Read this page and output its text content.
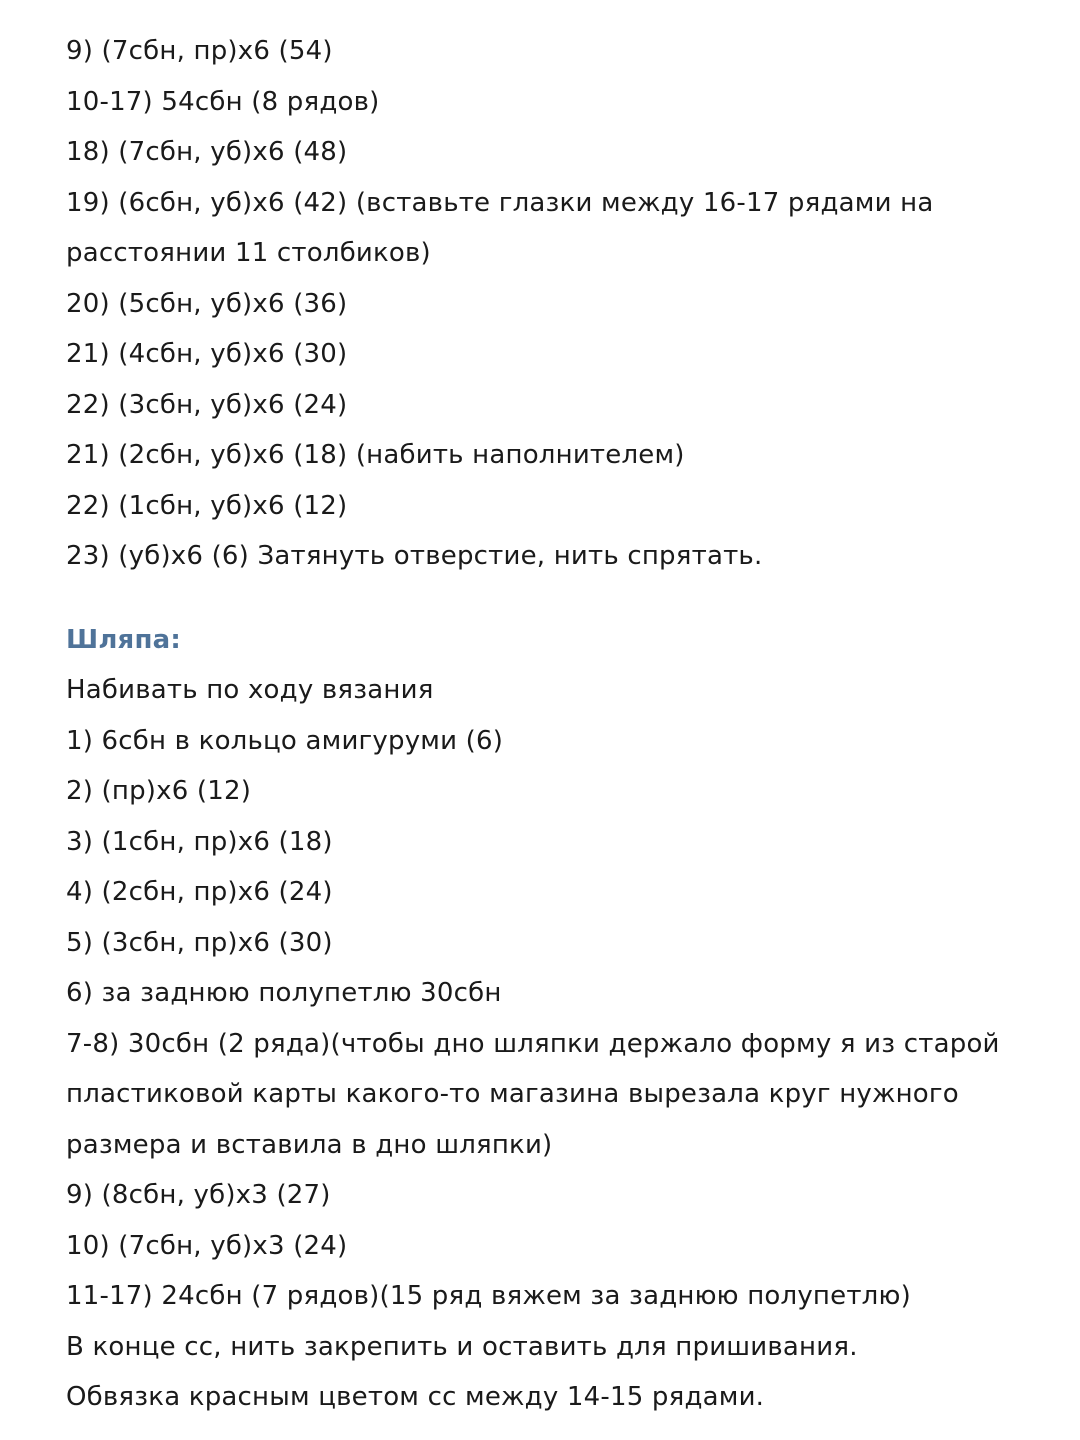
9) (7сбн, пр)х6 (54)
10-17) 54сбн (8 рядов)
18) (7сбн, уб)х6 (48)
19) (6сбн, уб)х6 (42) (вставьте глазки между 16-17 рядами на
расстоянии 11 столбиков)
20) (5сбн, уб)х6 (36)
21) (4сбн, уб)х6 (30)
22) (3сбн, уб)х6 (24)
21) (2сбн, уб)х6 (18) (набить наполнителем)
22) (1сбн, уб)х6 (12)
23) (уб)х6 (6) Затянуть отверстие, нить спрятать.
Шляпа:
Набивать по ходу вязания
1) 6сбн в кольцо амигуруми (6)
2) (пр)х6 (12)
3) (1сбн, пр)х6 (18)
4) (2сбн, пр)х6 (24)
5) (3сбн, пр)х6 (30)
6) за заднюю полупетлю 30сбн
7-8) 30сбн (2 ряда)(чтобы дно шляпки держало форму я из старой
пластиковой карты какого-то магазина вырезала круг нужного
размера и вставила в дно шляпки)
9) (8сбн, уб)х3 (27)
10) (7сбн, уб)х3 (24)
11-17) 24сбн (7 рядов)(15 ряд вяжем за заднюю полупетлю)
В конце сс, нить закрепить и оставить для пришивания.
Обвязка красным цветом сс между 14-15 рядами.
